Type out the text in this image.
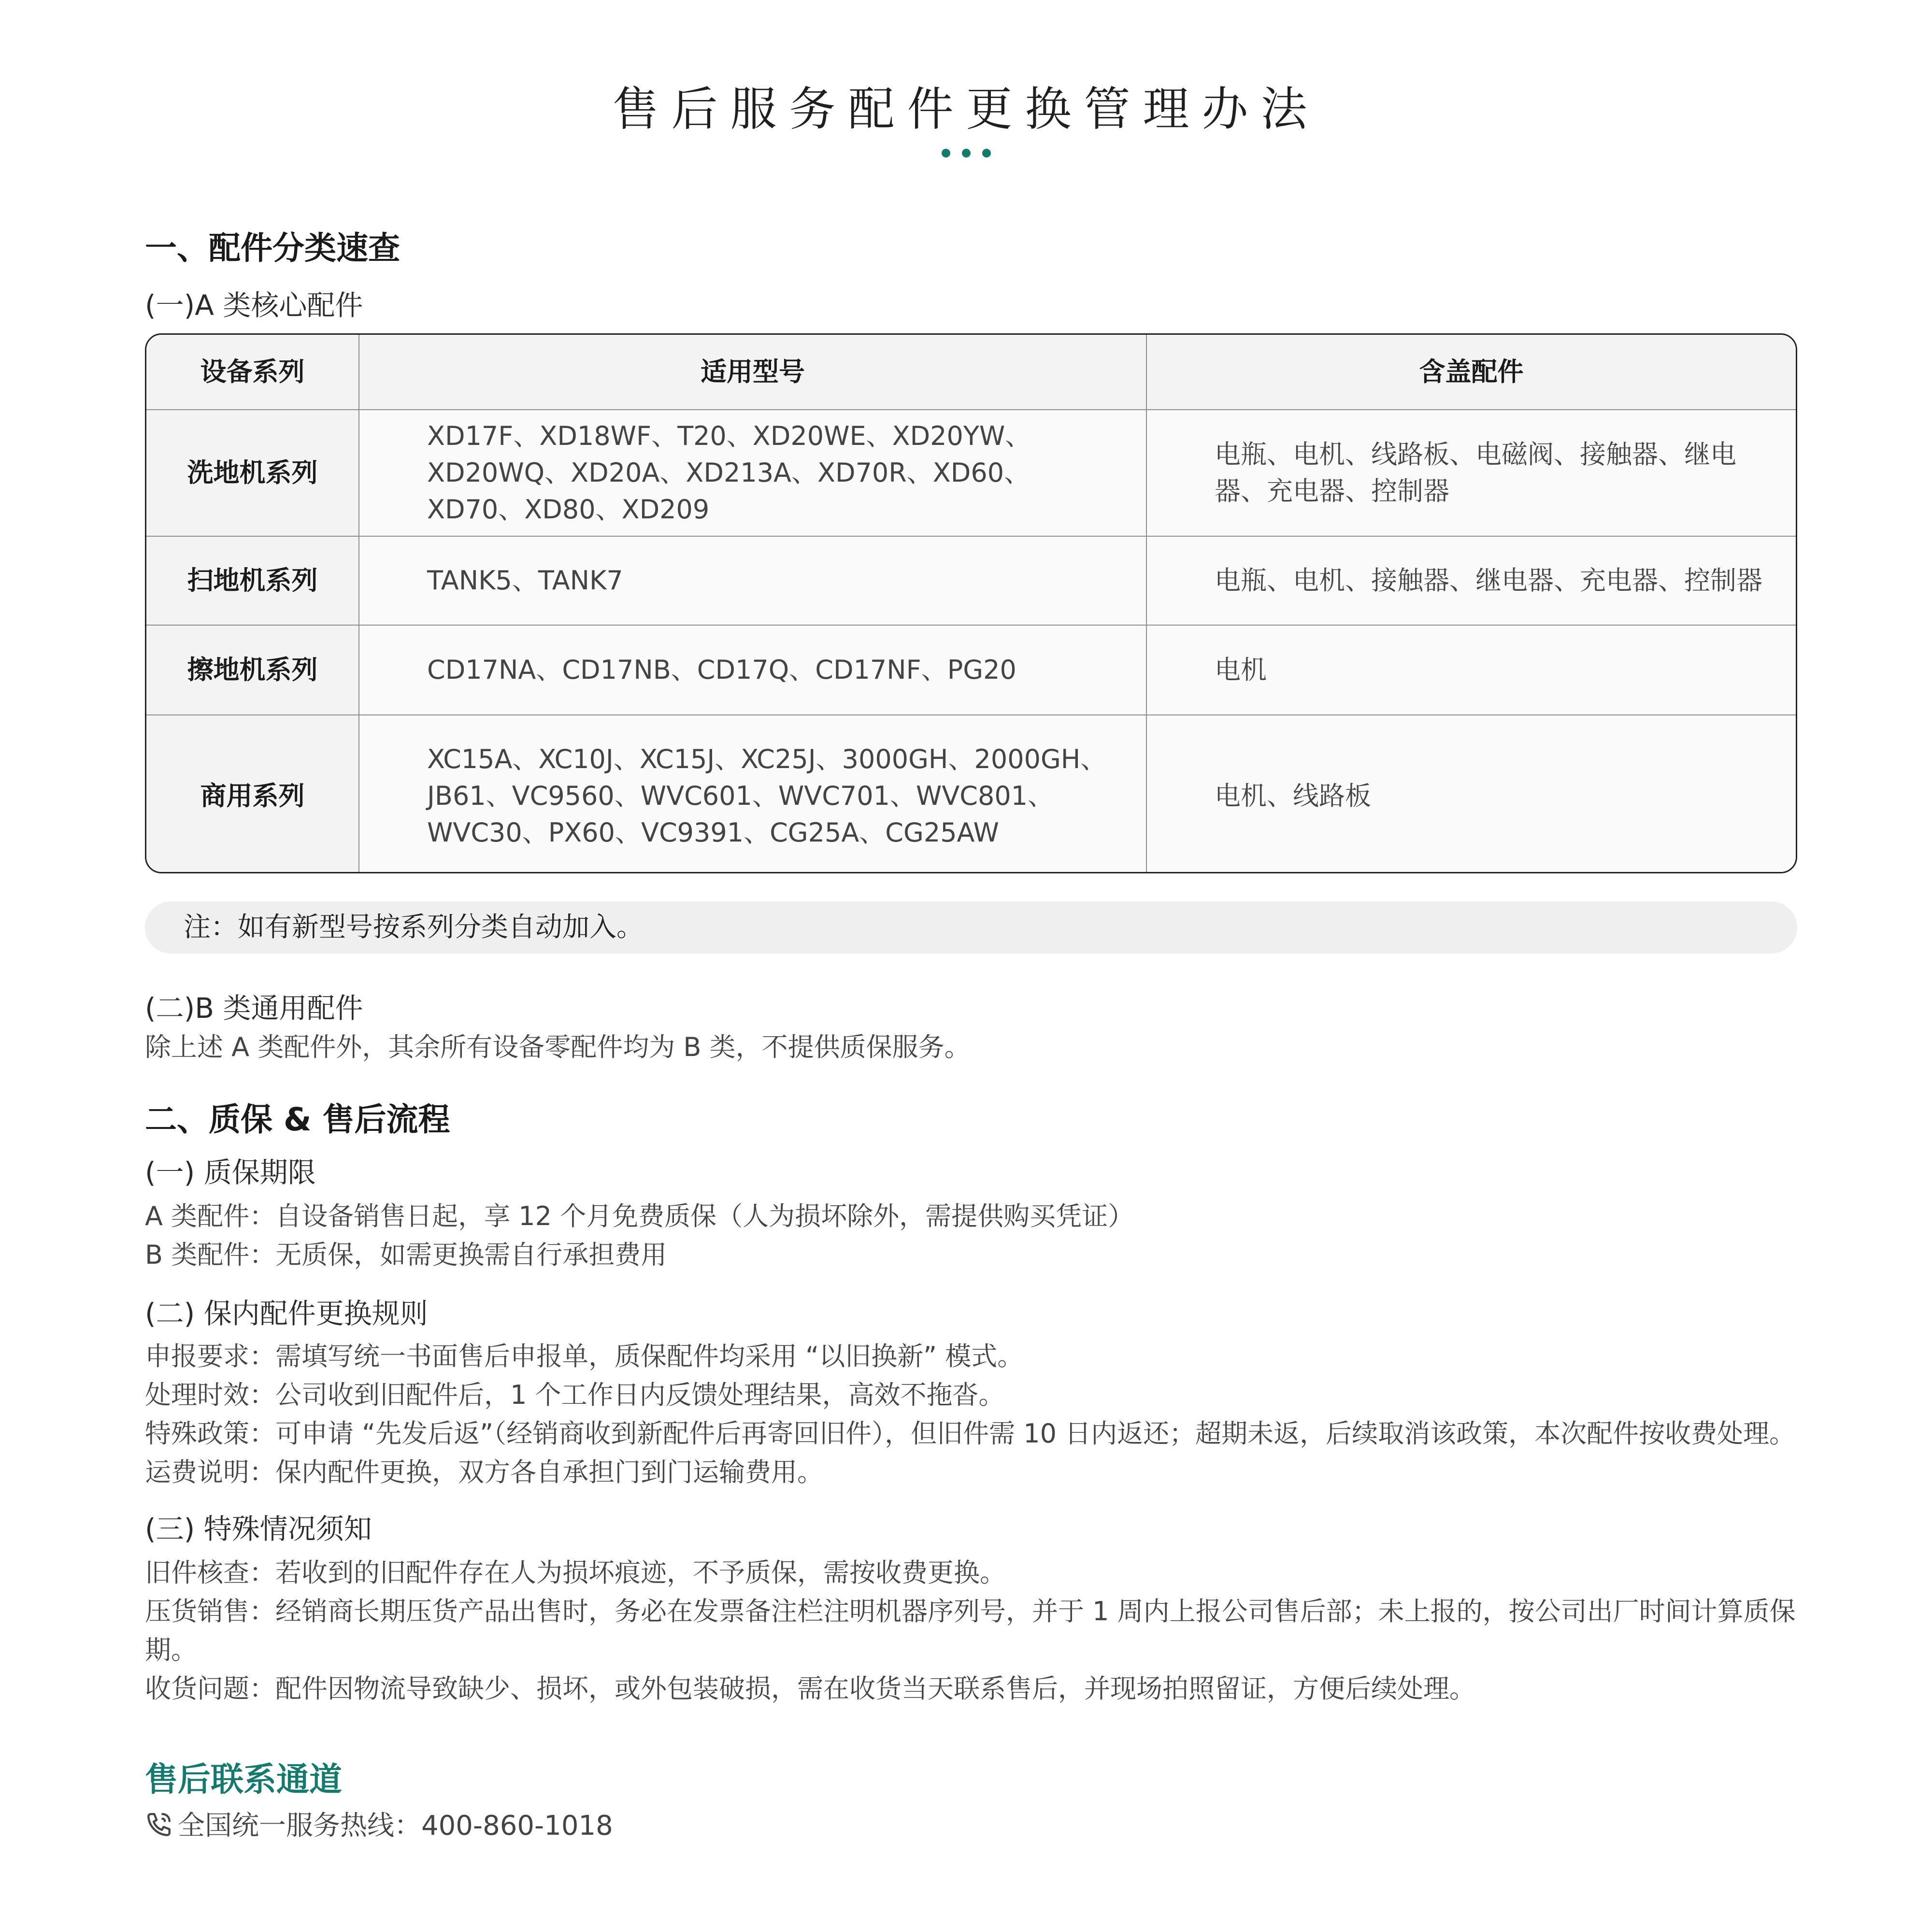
售后服务配件更换管理办法
一、配件分类速查
(一)A 类核心配件
设备系列	适用型号	含盖配件
洗地机系列	XD17F、XD18WF、T20、XD20WE、XD20YW、XD20WQ、XD20A、XD213A、XD70R、XD60、XD70、XD80、XD209	电瓶、电机、线路板、电磁阀、接触器、继电器、充电器、控制器
扫地机系列	TANK5、TANK7	电瓶、电机、接触器、继电器、充电器、控制器
擦地机系列	CD17NA、CD17NB、CD17Q、CD17NF、PG20	电机
商用系列	XC15A、XC10J、XC15J、XC25J、3000GH、2000GH、JB61、VC9560、WVC601、WVC701、WVC801、WVC30、PX60、VC9391、CG25A、CG25AW	电机、线路板
注：如有新型号按系列分类自动加入。
(二)B 类通用配件
除上述 A 类配件外，其余所有设备零配件均为 B 类，不提供质保服务。
二、质保 & 售后流程
(一) 质保期限
A 类配件：自设备销售日起，享 12 个月免费质保（人为损坏除外，需提供购买凭证）
B 类配件：无质保，如需更换需自行承担费用
(二) 保内配件更换规则
申报要求：需填写统一书面售后申报单，质保配件均采用 “以旧换新” 模式。
处理时效：公司收到旧配件后，1 个工作日内反馈处理结果，高效不拖沓。
特殊政策：可申请 “先发后返”（经销商收到新配件后再寄回旧件），但旧件需 10 日内返还；超期未返，后续取消该政策，本次配件按收费处理。
运费说明：保内配件更换，双方各自承担门到门运输费用。
(三) 特殊情况须知
旧件核查：若收到的旧配件存在人为损坏痕迹，不予质保，需按收费更换。
压货销售：经销商长期压货产品出售时，务必在发票备注栏注明机器序列号，并于 1 周内上报公司售后部；未上报的，按公司出厂时间计算质保期。
收货问题：配件因物流导致缺少、损坏，或外包装破损，需在收货当天联系售后，并现场拍照留证，方便后续处理。
售后联系通道
全国统一服务热线：400-860-1018
